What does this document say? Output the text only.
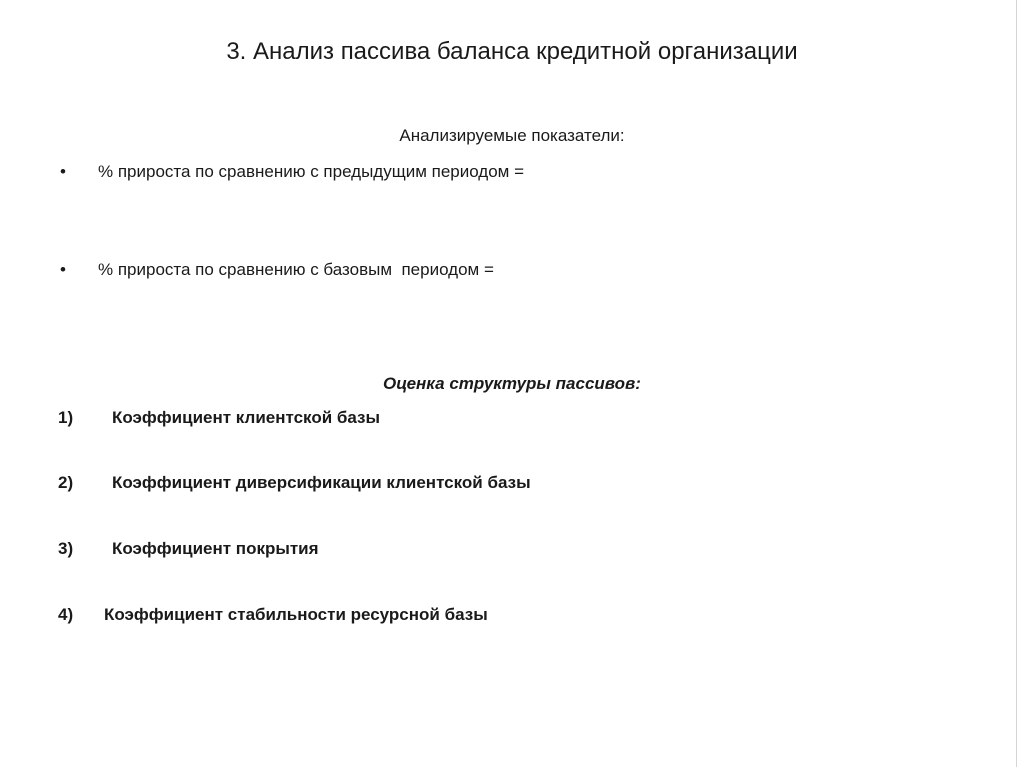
3. Анализ пассива баланса кредитной организации
Анализируемые показатели:
• % прироста по сравнению с предыдущим периодом =
• % прироста по сравнению с базовым  периодом =
Оценка структуры пассивов:
1) Коэффициент клиентской базы
2) Коэффициент диверсификации клиентской базы
3) Коэффициент покрытия
4) Коэффициент стабильности ресурсной базы
